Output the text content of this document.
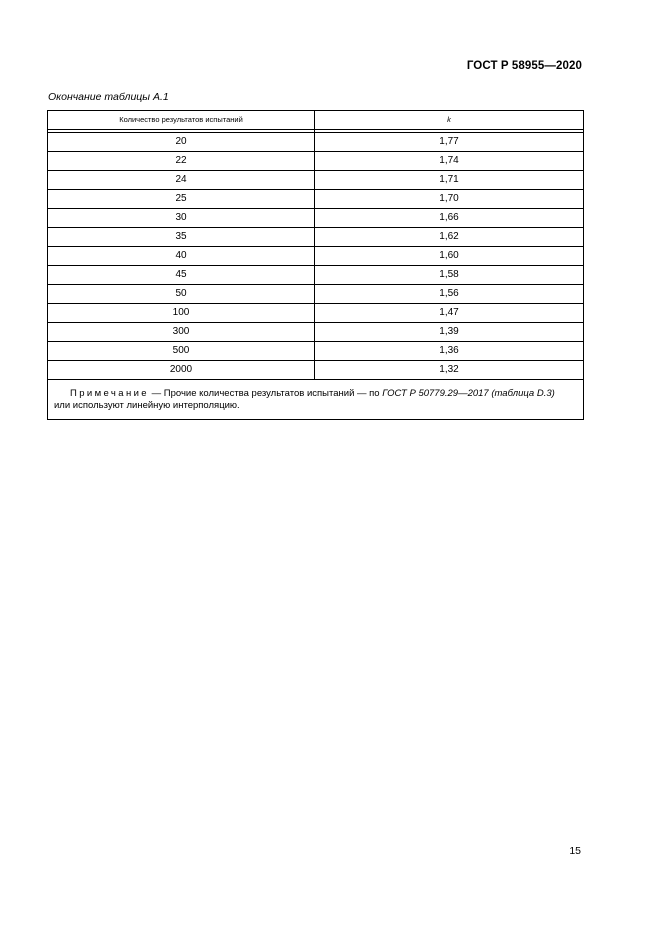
ГОСТ Р 58955—2020
Окончание таблицы А.1
Количество результатов испытаний	k

20	1,77
22	1,74
24	1,71
25	1,70
30	1,66
35	1,62
40	1,60
45	1,58
50	1,56
100	1,47
300	1,39
500	1,36
2000	1,32

Примечание — Прочие количества результатов испытаний — по ГОСТ Р 50779.29—2017 (таблица D.3)
или используют линейную интерполяцию.	
15
